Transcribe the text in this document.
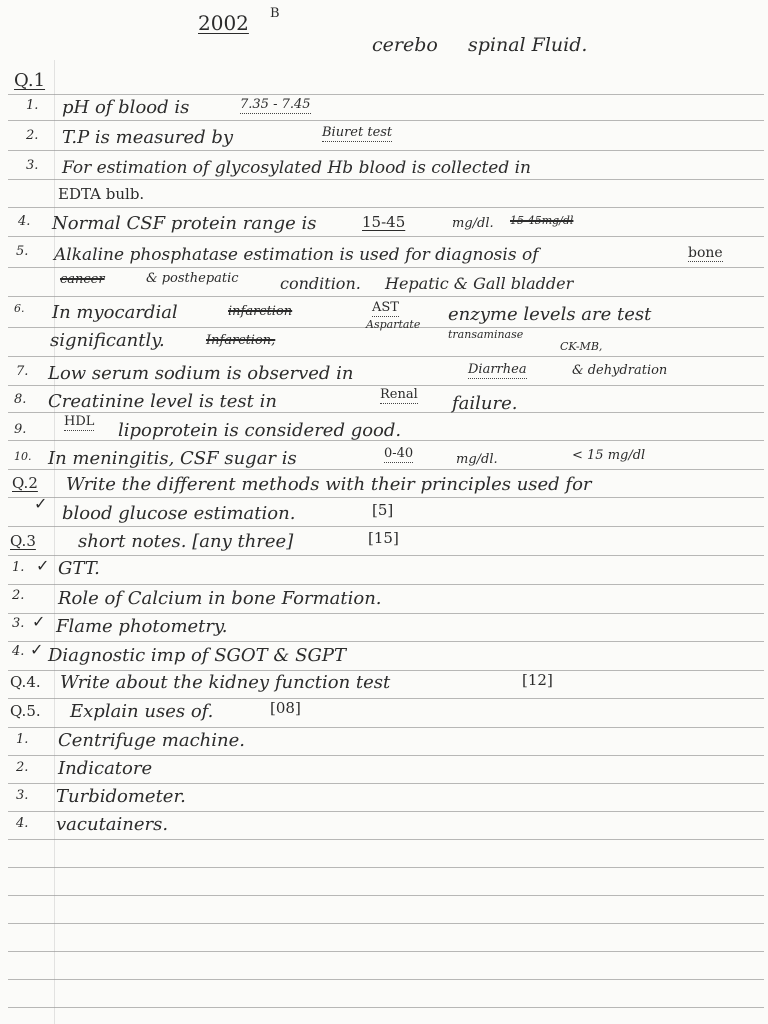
2002 B
cerebo spinal Fluid.
Q.1
1. pH of blood is	7.35 - 7.45
2. T.P is measured by	Biuret test
3. For estimation of glycosylated Hb blood is collected in
EDTA bulb.
4. Normal CSF protein range is	15-45	mg/dl. 15-45mg/dl
5. Alkaline phosphatase estimation is used for diagnosis of	bone
cancer	& posthepatic	condition. Hepatic & Gall bladder
6. In myocardial	infarction	AST	enzyme levels are test
significantly.	Infarction,
Aspartate
transaminase
CK-MB,
7. Low serum sodium is observed in	Diarrhea	& dehydration
8. Creatinine level is test in	Renal failure.
9.
HDL lipoprotein is considered good.
10. In meningitis, CSF sugar is	0-40	mg/dl.	< 15 mg/dl
Q.2 Write the different methods with their principles used for
✓ blood glucose estimation.	[5]
Q.3 short notes. [any three]	[15]
1. ✓ GTT.
2. Role of Calcium in bone Formation.
3. ✓ Flame photometry.
4. ✓ Diagnostic imp of SGOT & SGPT
Q.4. Write about the kidney function test	[12]
Q.5. Explain uses of.	[08]
1. Centrifuge machine.
2. Indicatore
3. Turbidometer.
4. vacutainers.
